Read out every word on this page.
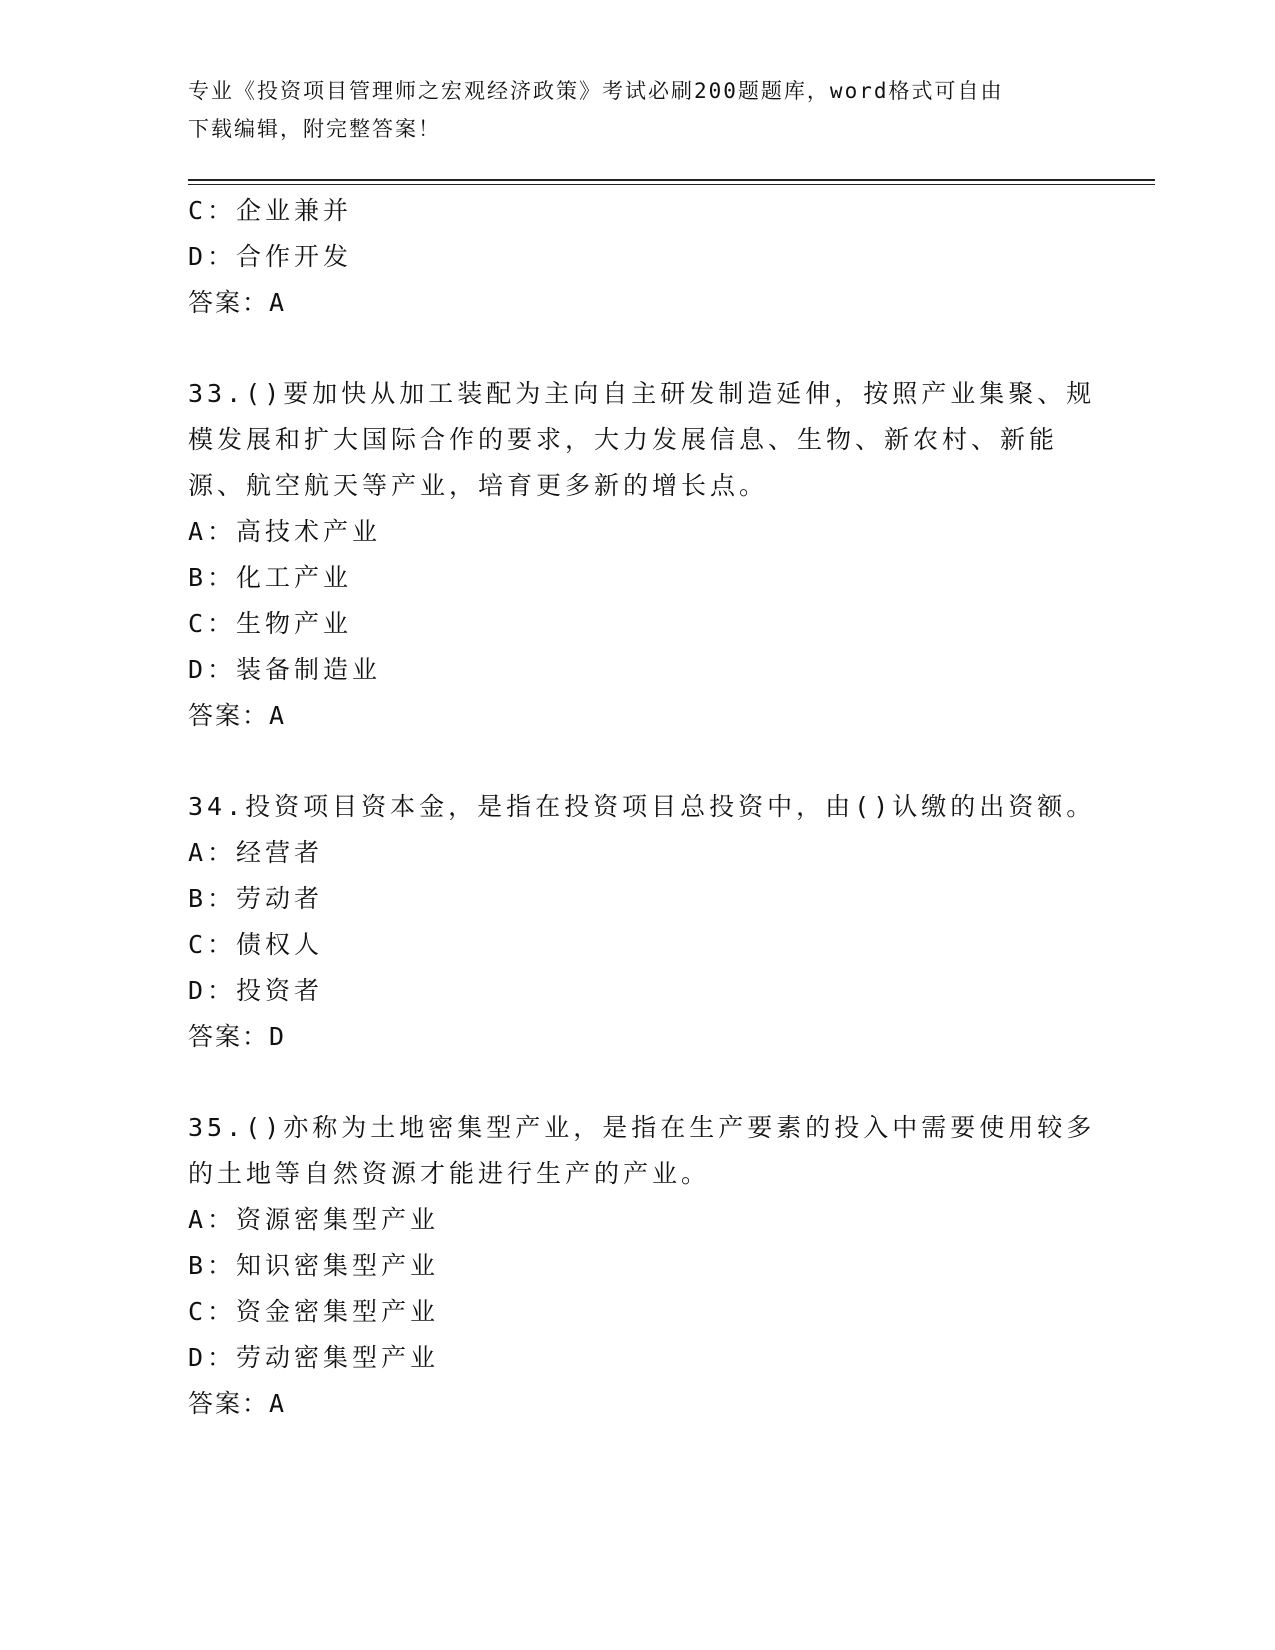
专业《投资项目管理师之宏观经济政策》考试必刷200题题库，word格式可自由
下载编辑，附完整答案！
C：企业兼并
D：合作开发
答案：A
33.()要加快从加工装配为主向自主研发制造延伸，按照产业集聚、规
模发展和扩大国际合作的要求，大力发展信息、生物、新农村、新能
源、航空航天等产业，培育更多新的增长点。
A：高技术产业
B：化工产业
C：生物产业
D：装备制造业
答案：A
34.投资项目资本金，是指在投资项目总投资中，由()认缴的出资额。
A：经营者
B：劳动者
C：债权人
D：投资者
答案：D
35.()亦称为土地密集型产业，是指在生产要素的投入中需要使用较多
的土地等自然资源才能进行生产的产业。
A：资源密集型产业
B：知识密集型产业
C：资金密集型产业
D：劳动密集型产业
答案：A
